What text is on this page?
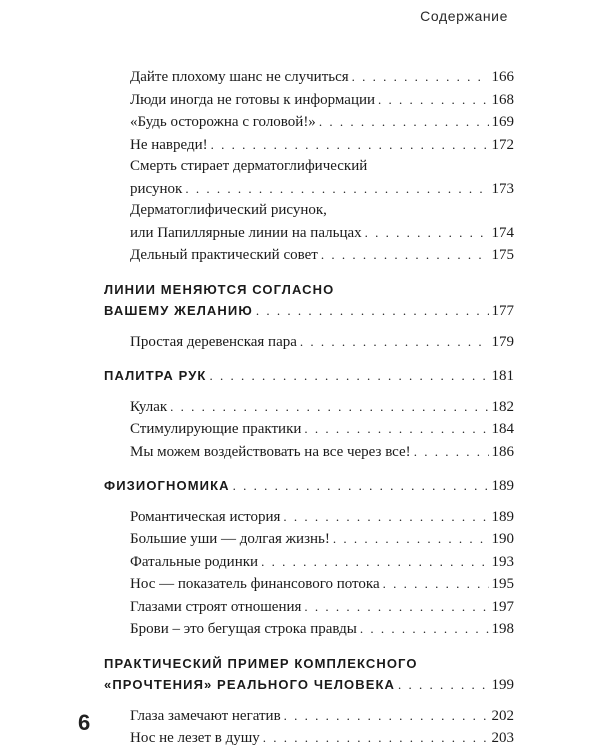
Содержание
Дайте плохому шанс не случиться . . .	166
Люди иногда не готовы к информации . . .	168
«Будь осторожна с головой!» . . .	169
Не навреди! . . .	172
Смерть стирает дерматоглифический
рисунок . . .	173
Дерматоглифический рисунок,
или Папиллярные линии на пальцах . . .	174
Дельный практический совет . . .	175
ЛИНИИ МЕНЯЮТСЯ СОГЛАСНО
ВАШЕМУ ЖЕЛАНИЮ . . .	177
Простая деревенская пара . . .	179
ПАЛИТРА РУК . . .	181
Кулак . . .	182
Стимулирующие практики . . .	184
Мы можем воздействовать на все через все! . . .	186
ФИЗИОГНОМИКА . . .	189
Романтическая история . . .	189
Большие уши — долгая жизнь! . . .	190
Фатальные родинки . . .	193
Нос — показатель финансового потока . . .	195
Глазами строят отношения . . .	197
Брови – это бегущая строка правды . . .	198
ПРАКТИЧЕСКИЙ ПРИМЕР КОМПЛЕКСНОГО
«ПРОЧТЕНИЯ» РЕАЛЬНОГО ЧЕЛОВЕКА . . .	199
Глаза замечают негатив . . .	202
Нос не лезет в душу . . .	203
6
